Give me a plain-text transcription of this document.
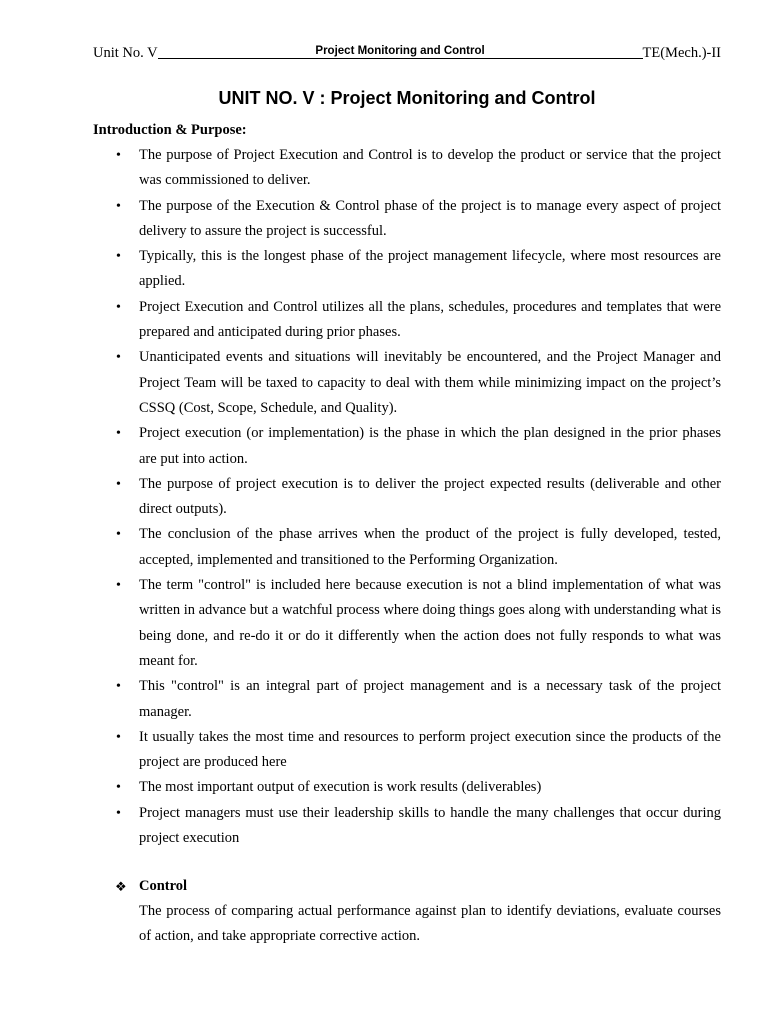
Unit No. V	Project Monitoring and Control	TE(Mech.)-II
UNIT NO. V : Project Monitoring and Control
Introduction & Purpose:
• The purpose of Project Execution and Control is to develop the product or service that the project was commissioned to deliver.
• The purpose of the Execution & Control phase of the project is to manage every aspect of project delivery to assure the project is successful.
• Typically, this is the longest phase of the project management lifecycle, where most resources are applied.
• Project Execution and Control utilizes all the plans, schedules, procedures and templates that were prepared and anticipated during prior phases.
• Unanticipated events and situations will inevitably be encountered, and the Project Manager and Project Team will be taxed to capacity to deal with them while minimizing impact on the project’s CSSQ (Cost, Scope, Schedule, and Quality).
• Project execution (or implementation) is the phase in which the plan designed in the prior phases are put into action.
• The purpose of project execution is to deliver the project expected results (deliverable and other direct outputs).
• The conclusion of the phase arrives when the product of the project is fully developed, tested, accepted, implemented and transitioned to the Performing Organization.
• The term "control" is included here because execution is not a blind implementation of what was written in advance but a watchful process where doing things goes along with understanding what is being done, and re-do it or do it differently when the action does not fully responds to what was meant for.
• This "control" is an integral part of project management and is a necessary task of the project manager.
• It usually takes the most time and resources to perform project execution since the products of the project are produced here
• The most important output of execution is work results (deliverables)
• Project managers must use their leadership skills to handle the many challenges that occur during project execution
❖ Control
The process of comparing actual performance against plan to identify deviations, evaluate courses of action, and take appropriate corrective action.
